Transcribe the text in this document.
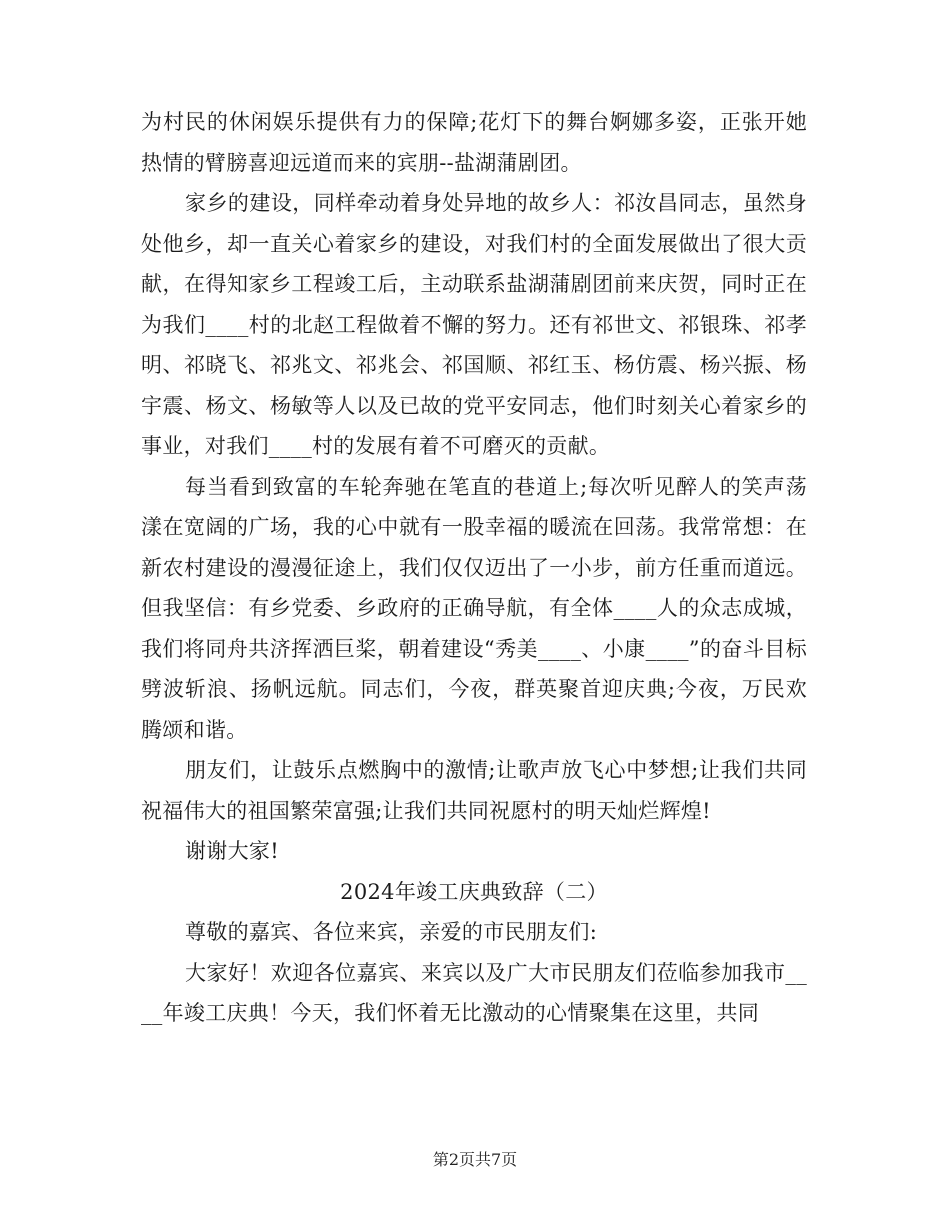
为村民的休闲娱乐提供有力的保障;花灯下的舞台婀娜多姿，正张开她热情的臂膀喜迎远道而来的宾朋--盐湖蒲剧团。

家乡的建设，同样牵动着身处异地的故乡人：祁汝昌同志，虽然身处他乡，却一直关心着家乡的建设，对我们村的全面发展做出了很大贡献，在得知家乡工程竣工后，主动联系盐湖蒲剧团前来庆贺，同时正在为我们____村的北赵工程做着不懈的努力。还有祁世文、祁银珠、祁孝明、祁晓飞、祁兆文、祁兆会、祁国顺、祁红玉、杨仿震、杨兴振、杨宇震、杨文、杨敏等人以及已故的党平安同志，他们时刻关心着家乡的事业，对我们____村的发展有着不可磨灭的贡献。

每当看到致富的车轮奔驰在笔直的巷道上;每次听见醉人的笑声荡漾在宽阔的广场，我的心中就有一股幸福的暖流在回荡。我常常想：在新农村建设的漫漫征途上，我们仅仅迈出了一小步，前方任重而道远。但我坚信：有乡党委、乡政府的正确导航，有全体____人的众志成城，我们将同舟共济挥洒巨桨，朝着建设“秀美____、小康____”的奋斗目标劈波斩浪、扬帆远航。同志们，今夜，群英聚首迎庆典;今夜，万民欢腾颂和谐。

朋友们，让鼓乐点燃胸中的激情;让歌声放飞心中梦想;让我们共同祝福伟大的祖国繁荣富强;让我们共同祝愿村的明天灿烂辉煌!

谢谢大家!

2024年竣工庆典致辞（二）

尊敬的嘉宾、各位来宾，亲爱的市民朋友们:

大家好！欢迎各位嘉宾、来宾以及广大市民朋友们莅临参加我市____年竣工庆典！今天，我们怀着无比激动的心情聚集在这里，共同

第2页共7页
